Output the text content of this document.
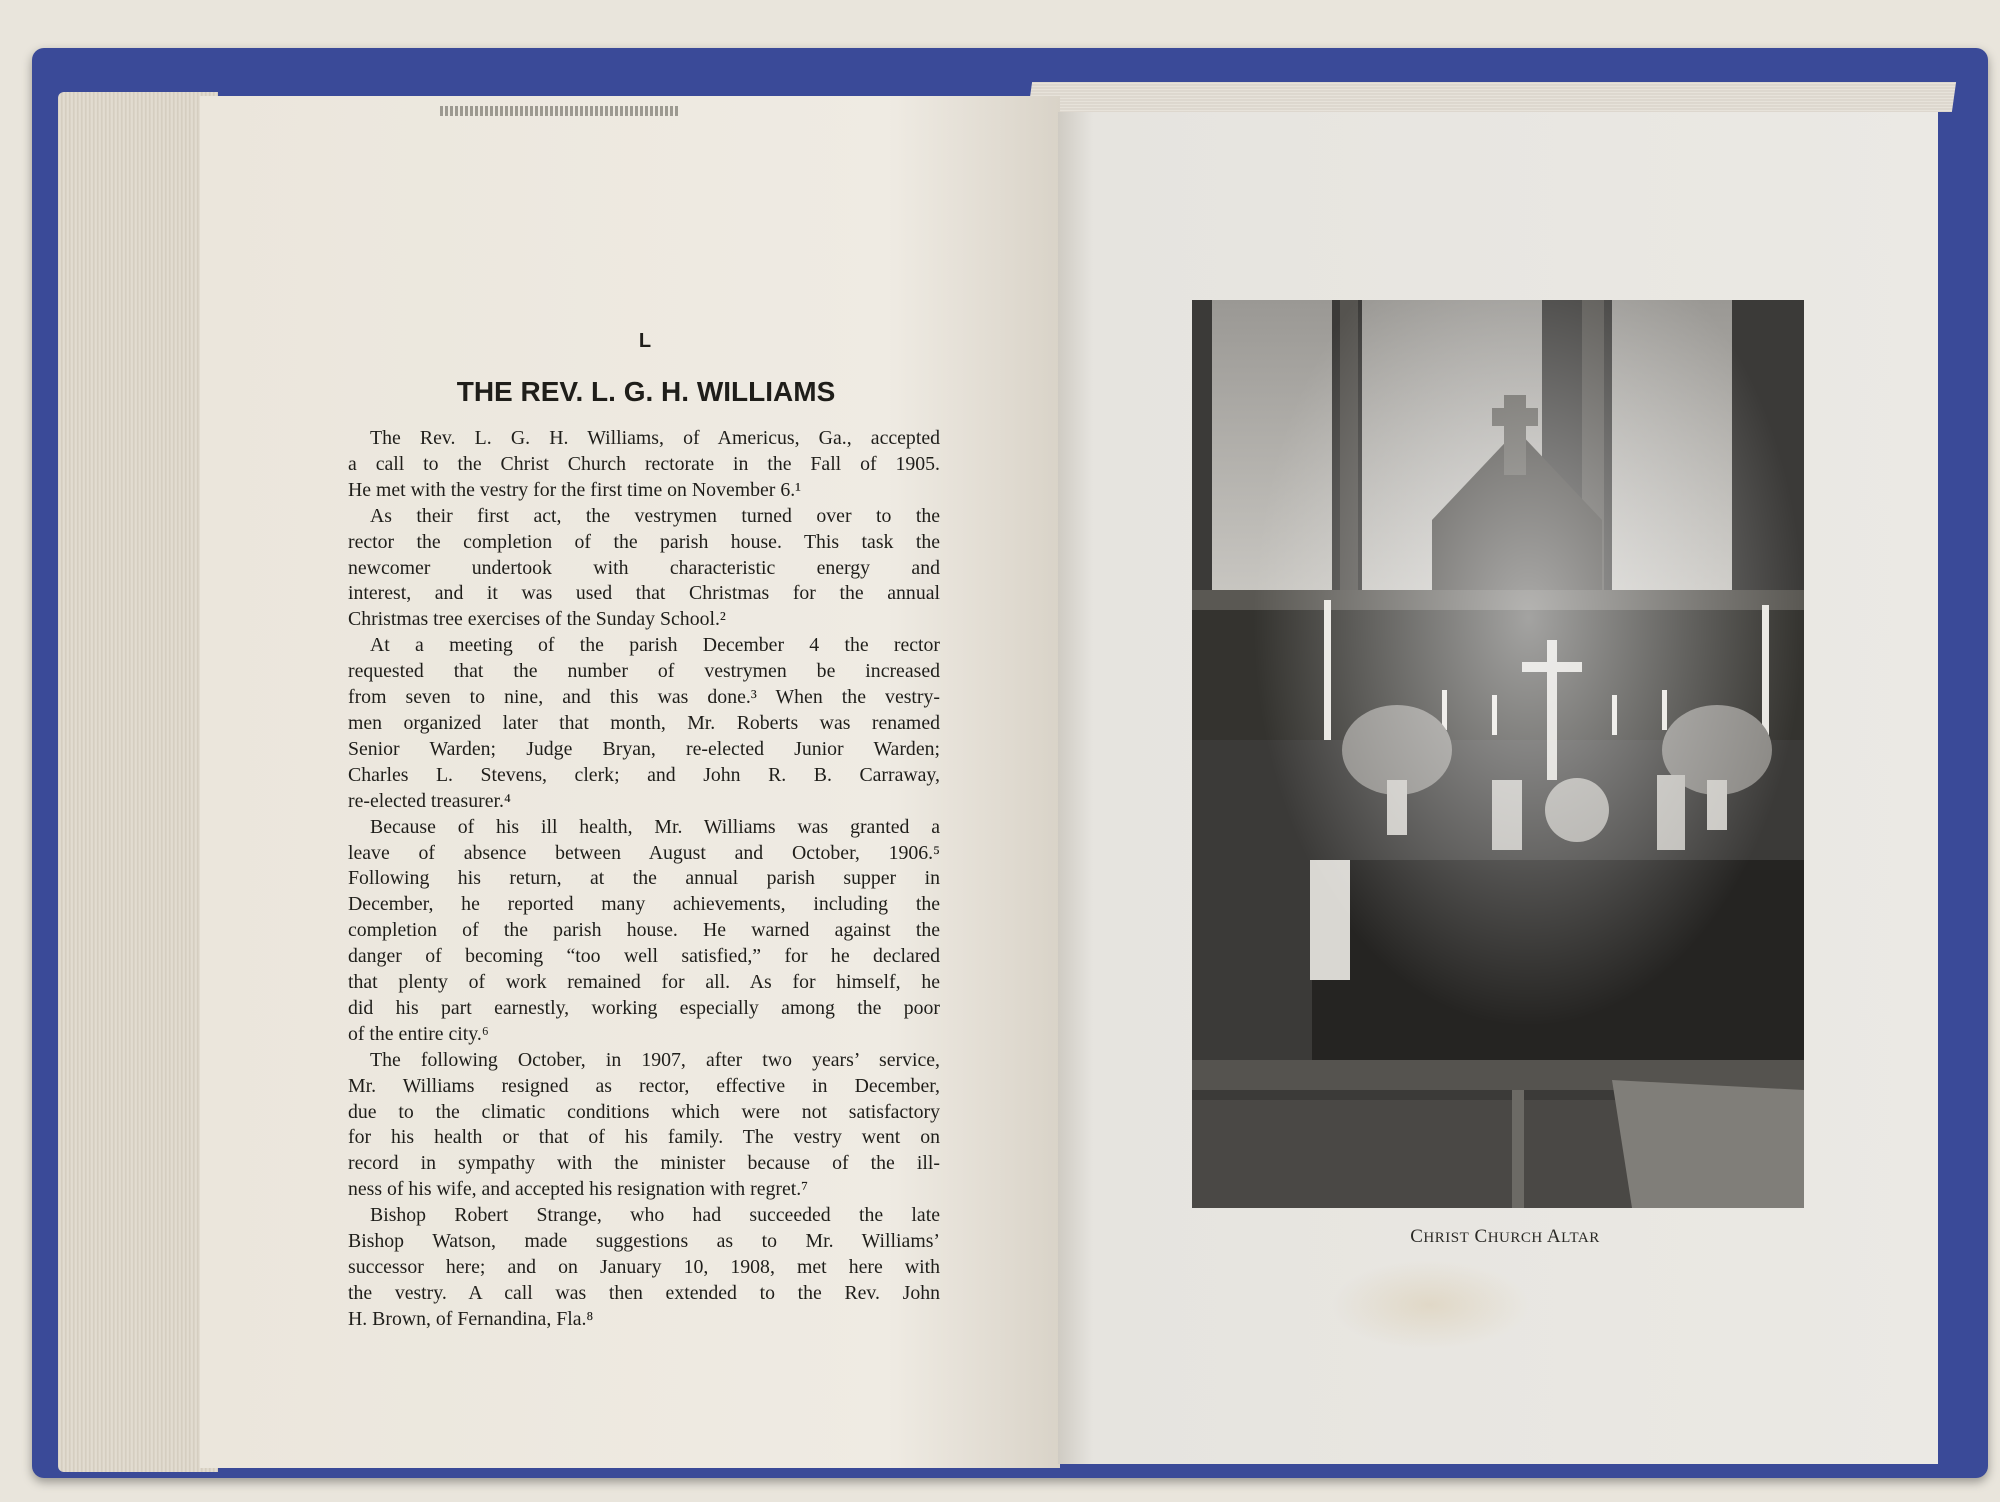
L
THE REV. L. G. H. WILLIAMS

The Rev. L. G. H. Williams, of Americus, Ga., accepted
a call to the Christ Church rectorate in the Fall of 1905.
He met with the vestry for the first time on November 6.¹

As their first act, the vestrymen turned over to the
rector the completion of the parish house. This task the
newcomer undertook with characteristic energy and
interest, and it was used that Christmas for the annual
Christmas tree exercises of the Sunday School.²

At a meeting of the parish December 4 the rector
requested that the number of vestrymen be increased
from seven to nine, and this was done.³ When the vestry-
men organized later that month, Mr. Roberts was renamed
Senior Warden; Judge Bryan, re-elected Junior Warden;
Charles L. Stevens, clerk; and John R. B. Carraway,
re-elected treasurer.⁴

Because of his ill health, Mr. Williams was granted a
leave of absence between August and October, 1906.⁵
Following his return, at the annual parish supper in
December, he reported many achievements, including the
completion of the parish house. He warned against the
danger of becoming “too well satisfied,” for he declared
that plenty of work remained for all. As for himself, he
did his part earnestly, working especially among the poor
of the entire city.⁶

The following October, in 1907, after two years’ service,
Mr. Williams resigned as rector, effective in December,
due to the climatic conditions which were not satisfactory
for his health or that of his family. The vestry went on
record in sympathy with the minister because of the ill-
ness of his wife, and accepted his resignation with regret.⁷

Bishop Robert Strange, who had succeeded the late
Bishop Watson, made suggestions as to Mr. Williams’
successor here; and on January 10, 1908, met here with
the vestry. A call was then extended to the Rev. John
H. Brown, of Fernandina, Fla.⁸

CHRIST CHURCH ALTAR
